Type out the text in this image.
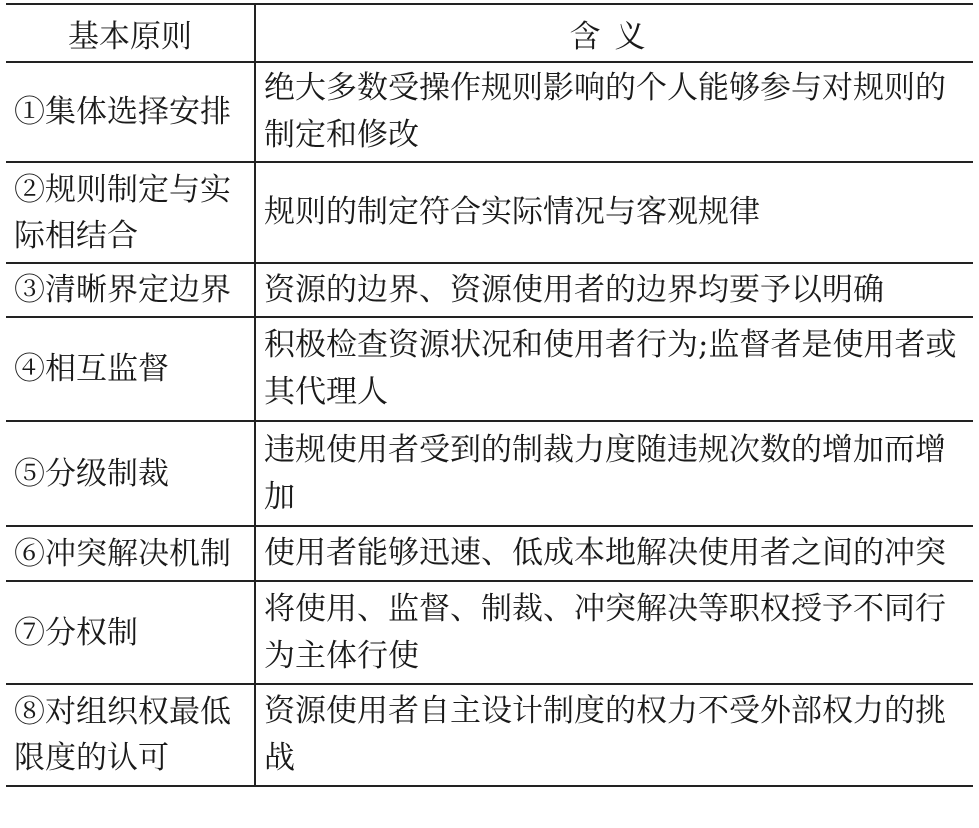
基本原则	含义
①集体选择安排	绝大多数受操作规则影响的个人能够参与对规则的制定和修改
②规则制定与实际相结合	规则的制定符合实际情况与客观规律
③清晰界定边界	资源的边界、资源使用者的边界均要予以明确
④相互监督	积极检查资源状况和使用者行为;监督者是使用者或其代理人
⑤分级制裁	违规使用者受到的制裁力度随违规次数的增加而增加
⑥冲突解决机制	使用者能够迅速、低成本地解决使用者之间的冲突
⑦分权制	将使用、监督、制裁、冲突解决等职权授予不同行为主体行使
⑧对组织权最低限度的认可	资源使用者自主设计制度的权力不受外部权力的挑战
